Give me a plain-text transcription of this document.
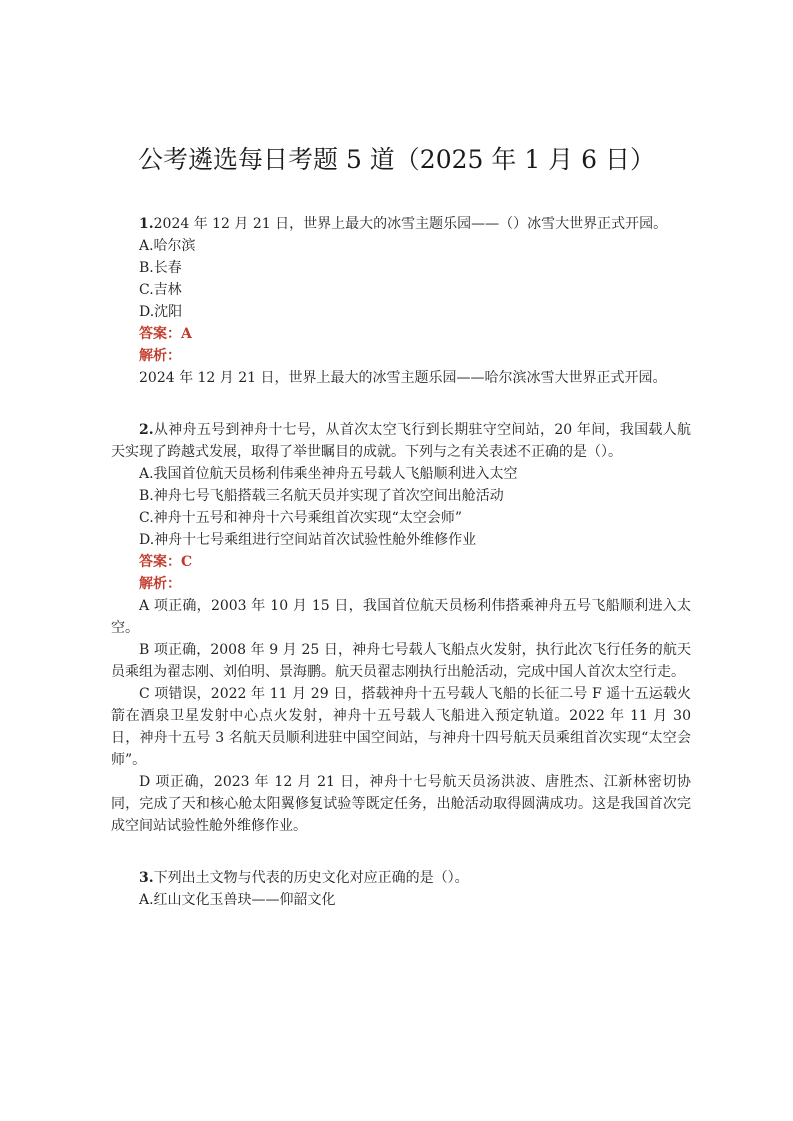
公考遴选每日考题 5 道（2025 年 1 月 6 日）

1.2024 年 12 月 21 日，世界上最大的冰雪主题乐园——（）冰雪大世界正式开园。

A.哈尔滨

B.长春

C.吉林

D.沈阳

答案：A

解析：

2024 年 12 月 21 日，世界上最大的冰雪主题乐园——哈尔滨冰雪大世界正式开园。

2.从神舟五号到神舟十七号，从首次太空飞行到长期驻守空间站，20 年间，我国载人航天实现了跨越式发展，取得了举世瞩目的成就。下列与之有关表述不正确的是（）。

A.我国首位航天员杨利伟乘坐神舟五号载人飞船顺利进入太空

B.神舟七号飞船搭载三名航天员并实现了首次空间出舱活动

C.神舟十五号和神舟十六号乘组首次实现“太空会师”

D.神舟十七号乘组进行空间站首次试验性舱外维修作业

答案：C

解析：

A 项正确，2003 年 10 月 15 日，我国首位航天员杨利伟搭乘神舟五号飞船顺利进入太空。

B 项正确，2008 年 9 月 25 日，神舟七号载人飞船点火发射，执行此次飞行任务的航天员乘组为翟志刚、刘伯明、景海鹏。航天员翟志刚执行出舱活动，完成中国人首次太空行走。

C 项错误，2022 年 11 月 29 日，搭载神舟十五号载人飞船的长征二号 F 遥十五运载火箭在酒泉卫星发射中心点火发射，神舟十五号载人飞船进入预定轨道。2022 年 11 月 30 日，神舟十五号 3 名航天员顺利进驻中国空间站，与神舟十四号航天员乘组首次实现“太空会师”。

D 项正确，2023 年 12 月 21 日，神舟十七号航天员汤洪波、唐胜杰、江新林密切协同，完成了天和核心舱太阳翼修复试验等既定任务，出舱活动取得圆满成功。这是我国首次完成空间站试验性舱外维修作业。

3.下列出土文物与代表的历史文化对应正确的是（）。

A.红山文化玉兽玦——仰韶文化
